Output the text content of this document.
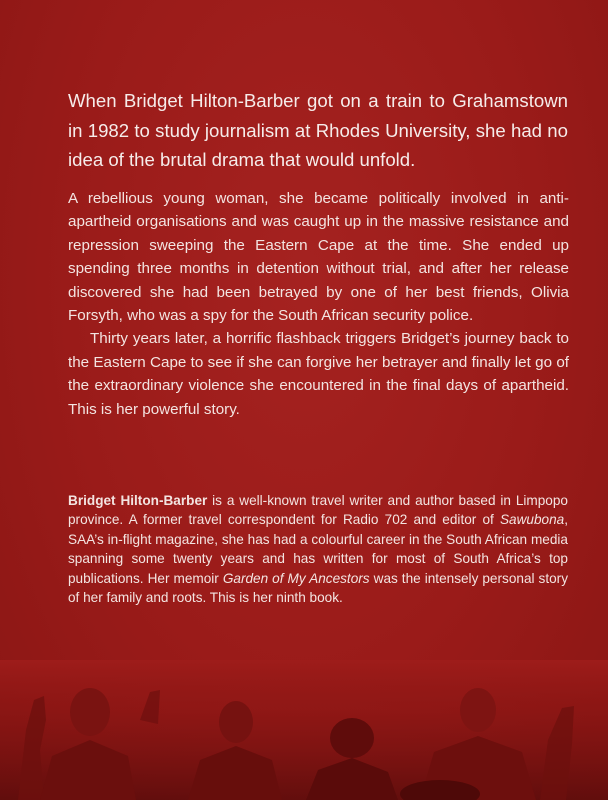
When Bridget Hilton-Barber got on a train to Grahamstown in 1982 to study journalism at Rhodes University, she had no idea of the brutal drama that would unfold.

A rebellious young woman, she became politically involved in anti-apartheid organisations and was caught up in the massive resistance and repression sweeping the Eastern Cape at the time. She ended up spending three months in detention without trial, and after her release discovered she had been betrayed by one of her best friends, Olivia Forsyth, who was a spy for the South African security police.

Thirty years later, a horrific flashback triggers Bridget’s journey back to the Eastern Cape to see if she can forgive her betrayer and finally let go of the extraordinary violence she encountered in the final days of apartheid. This is her powerful story.

Bridget Hilton-Barber is a well-known travel writer and author based in Limpopo province. A former travel correspondent for Radio 702 and editor of Sawubona, SAA’s in-flight magazine, she has had a colourful career in the South African media spanning some twenty years and has written for most of South Africa’s top publications. Her memoir Garden of My Ancestors was the intensely personal story of her family and roots. This is her ninth book.
